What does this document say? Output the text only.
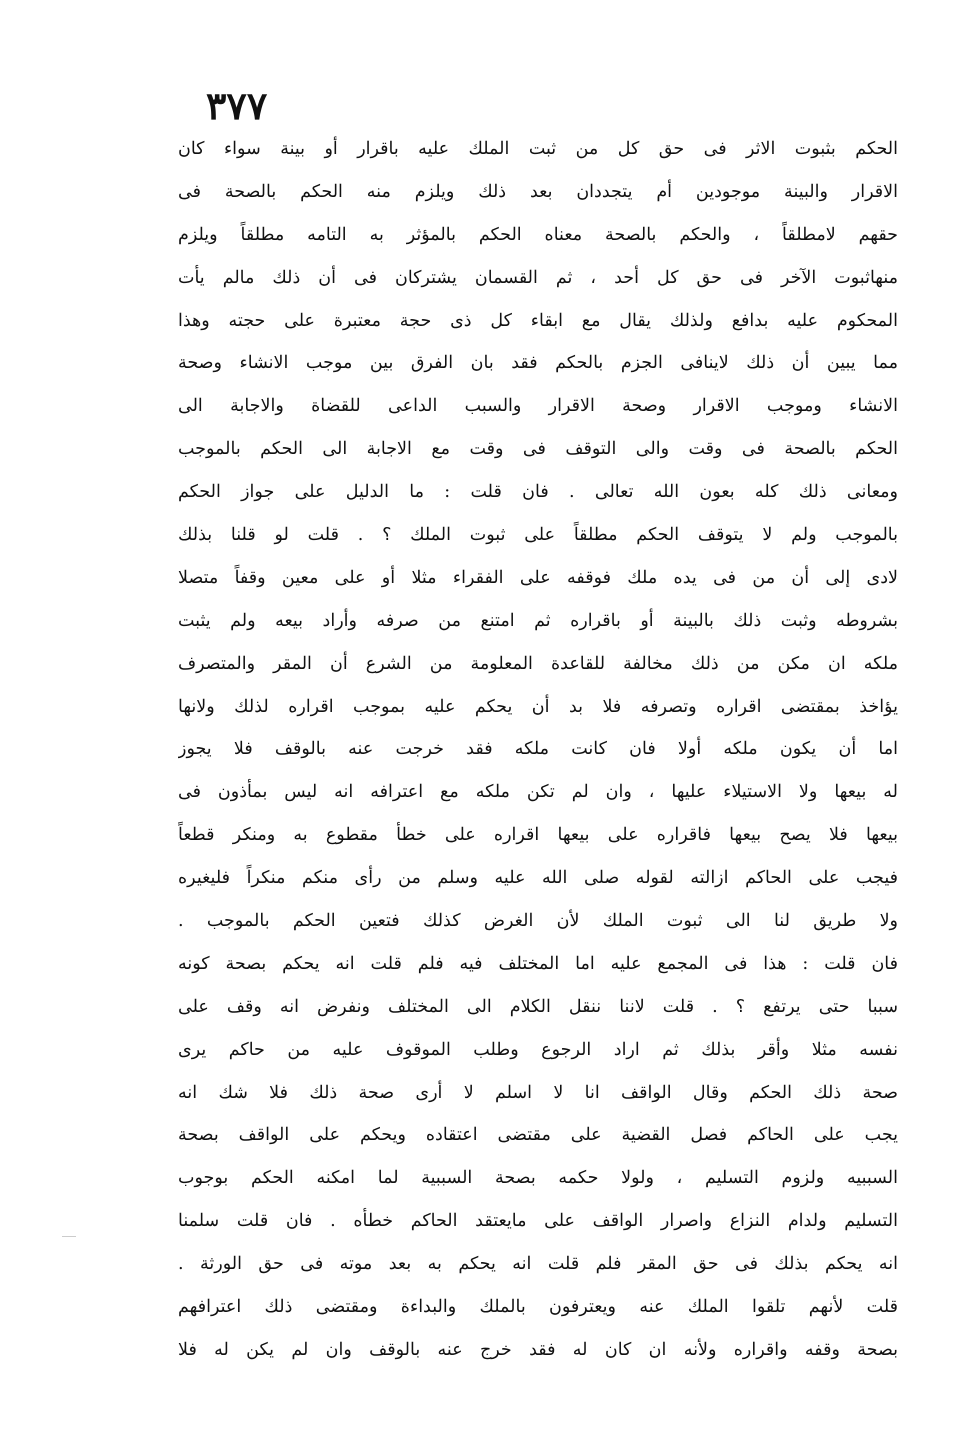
٣٧٧
الحكم بثبوت الاثر فى حق كل من ثبت الملك عليه باقرار أو بينة سواء كان
الاقرار والبينة موجودين أم يتجددان بعد ذلك ويلزم منه الحكم بالصحة فى
حقهم لامطلقاً ، والحكم بالصحة معناه الحكم بالمؤثر به التامه مطلقاً ويلزم
منهاثبوت الآخر فى حق كل أحد ، ثم القسمان يشتركان فى أن ذلك مالم يأت
المحكوم عليه بدافع ولذلك يقال مع ابقاء كل ذى حجة معتبرة على حجته وهذا
مما يبين أن ذلك لاينافى الجزم بالحكم فقد بان الفرق بين موجب الانشاء وصحة
الانشاء وموجب الاقرار وصحة الاقرار والسبب الداعى للقضاة والاجابة الى
الحكم بالصحة فى وقت والى التوقف فى وقت مع الاجابة الى الحكم بالموجب
ومعانى ذلك كله بعون الله تعالى . فان قلت : ما الدليل على جواز الحكم
بالموجب ولم لا يتوقف الحكم مطلقاً على ثبوت الملك ؟ . قلت لو قلنا بذلك
لادى إلى أن من فى يده ملك فوقفه على الفقراء مثلا أو على معين وقفاً متصلا
بشروطه وثبت ذلك بالبينة أو باقراره ثم امتنع من صرفه وأراد بيعه ولم يثبت
ملكه ان مكن من ذلك مخالفة للقاعدة المعلومة من الشرع أن المقر والمتصرف
يؤاخذ بمقتضى اقراره وتصرفه فلا بد أن يحكم عليه بموجب اقراره لذلك ولانها
اما أن يكون ملكه أولا فان كانت ملكه فقد خرجت عنه بالوقف فلا يجوز
له بيعها ولا الاستيلاء عليها ، وان لم تكن ملكه مع اعترافه انه ليس بمأذون فى
بيعها فلا يصح بيعها فاقراره على بيعها اقراره على خطأ مقطوع به ومنكر قطعاً
فيجب على الحاكم ازالته لقوله صلى الله عليه وسلم من رأى منكم منكراً فليغيره
ولا طريق لنا الى ثبوت الملك لأن الغرض كذلك فتعين الحكم بالموجب .
فان قلت : هذا فى المجمع عليه اما المختلف فيه فلم قلت انه يحكم بصحة كونه
سببا حتى يرتفع ؟ . قلت لاننا ننقل الكلام الى المختلف ونفرض انه وقف على
نفسه مثلا وأقر بذلك ثم اراد الرجوع وطلب الموقوف عليه من حاكم يرى
صحة ذلك الحكم وقال الواقف انا لا اسلم لا أرى صحة ذلك فلا شك انه
يجب على الحاكم فصل القضية على مقتضى اعتقاده ويحكم على الواقف بصحة
السببيه ولزوم التسليم ، ولولا حكمه بصحة السببية لما امكنه الحكم بوجوب
التسليم ولدام النزاع واصرار الواقف على مايعتقد الحاكم خطأه . فان قلت سلمنا
انه يحكم بذلك فى حق المقر فلم قلت انه يحكم به بعد موته فى حق الورثة .
قلت لأنهم تلقوا الملك عنه ويعترفون بالملك والبداءة ومقتضى ذلك اعترافهم
بصحة وقفه واقراره ولأنه ان كان له فقد خرج عنه بالوقف وان لم يكن له فلا
